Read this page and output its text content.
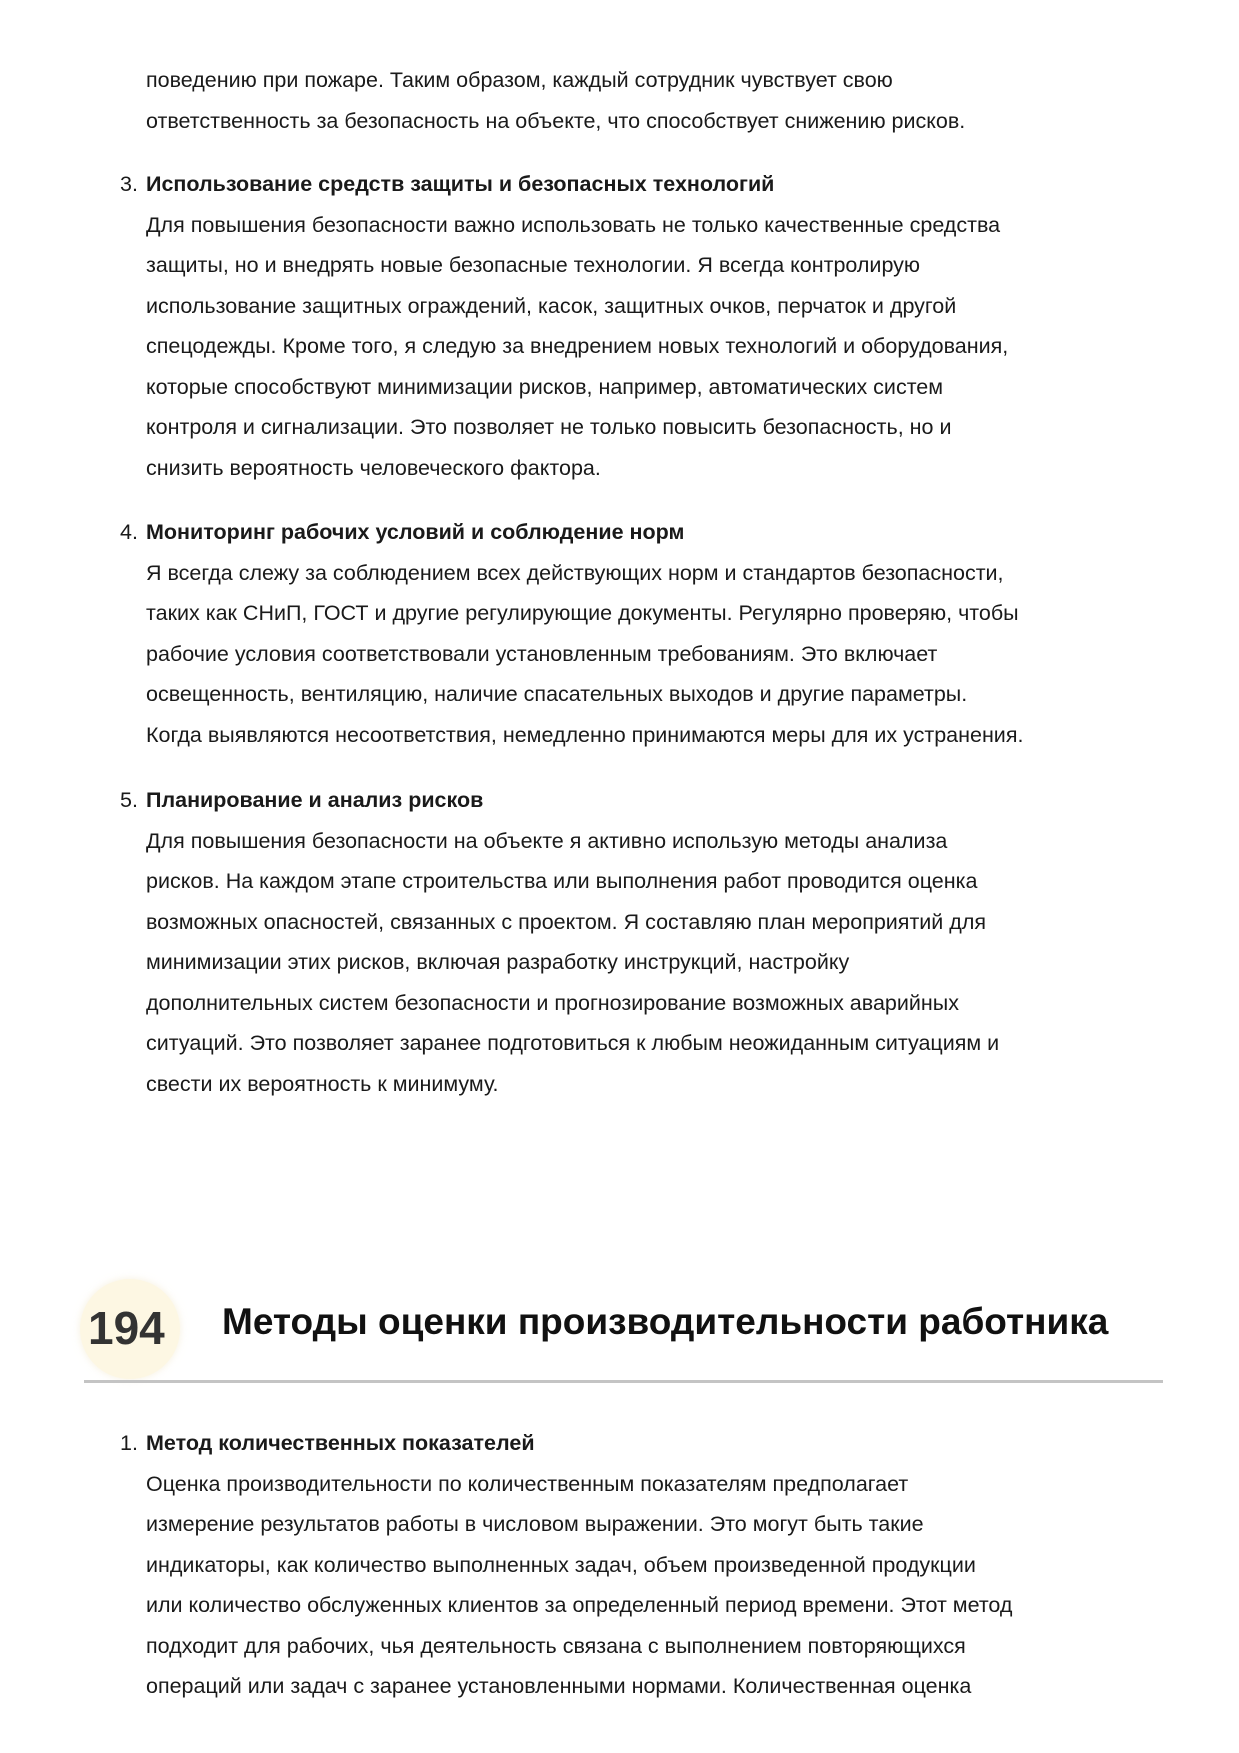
поведению при пожаре. Таким образом, каждый сотрудник чувствует свою
ответственность за безопасность на объекте, что способствует снижению рисков.
3. Использование средств защиты и безопасных технологий
Для повышения безопасности важно использовать не только качественные средства
защиты, но и внедрять новые безопасные технологии. Я всегда контролирую
использование защитных ограждений, касок, защитных очков, перчаток и другой
спецодежды. Кроме того, я следую за внедрением новых технологий и оборудования,
которые способствуют минимизации рисков, например, автоматических систем
контроля и сигнализации. Это позволяет не только повысить безопасность, но и
снизить вероятность человеческого фактора.
4. Мониторинг рабочих условий и соблюдение норм
Я всегда слежу за соблюдением всех действующих норм и стандартов безопасности,
таких как СНиП, ГОСТ и другие регулирующие документы. Регулярно проверяю, чтобы
рабочие условия соответствовали установленным требованиям. Это включает
освещенность, вентиляцию, наличие спасательных выходов и другие параметры.
Когда выявляются несоответствия, немедленно принимаются меры для их устранения.
5. Планирование и анализ рисков
Для повышения безопасности на объекте я активно использую методы анализа
рисков. На каждом этапе строительства или выполнения работ проводится оценка
возможных опасностей, связанных с проектом. Я составляю план мероприятий для
минимизации этих рисков, включая разработку инструкций, настройку
дополнительных систем безопасности и прогнозирование возможных аварийных
ситуаций. Это позволяет заранее подготовиться к любым неожиданным ситуациям и
свести их вероятность к минимуму.
194 Методы оценки производительности работника
1. Метод количественных показателей
Оценка производительности по количественным показателям предполагает
измерение результатов работы в числовом выражении. Это могут быть такие
индикаторы, как количество выполненных задач, объем произведенной продукции
или количество обслуженных клиентов за определенный период времени. Этот метод
подходит для рабочих, чья деятельность связана с выполнением повторяющихся
операций или задач с заранее установленными нормами. Количественная оценка
